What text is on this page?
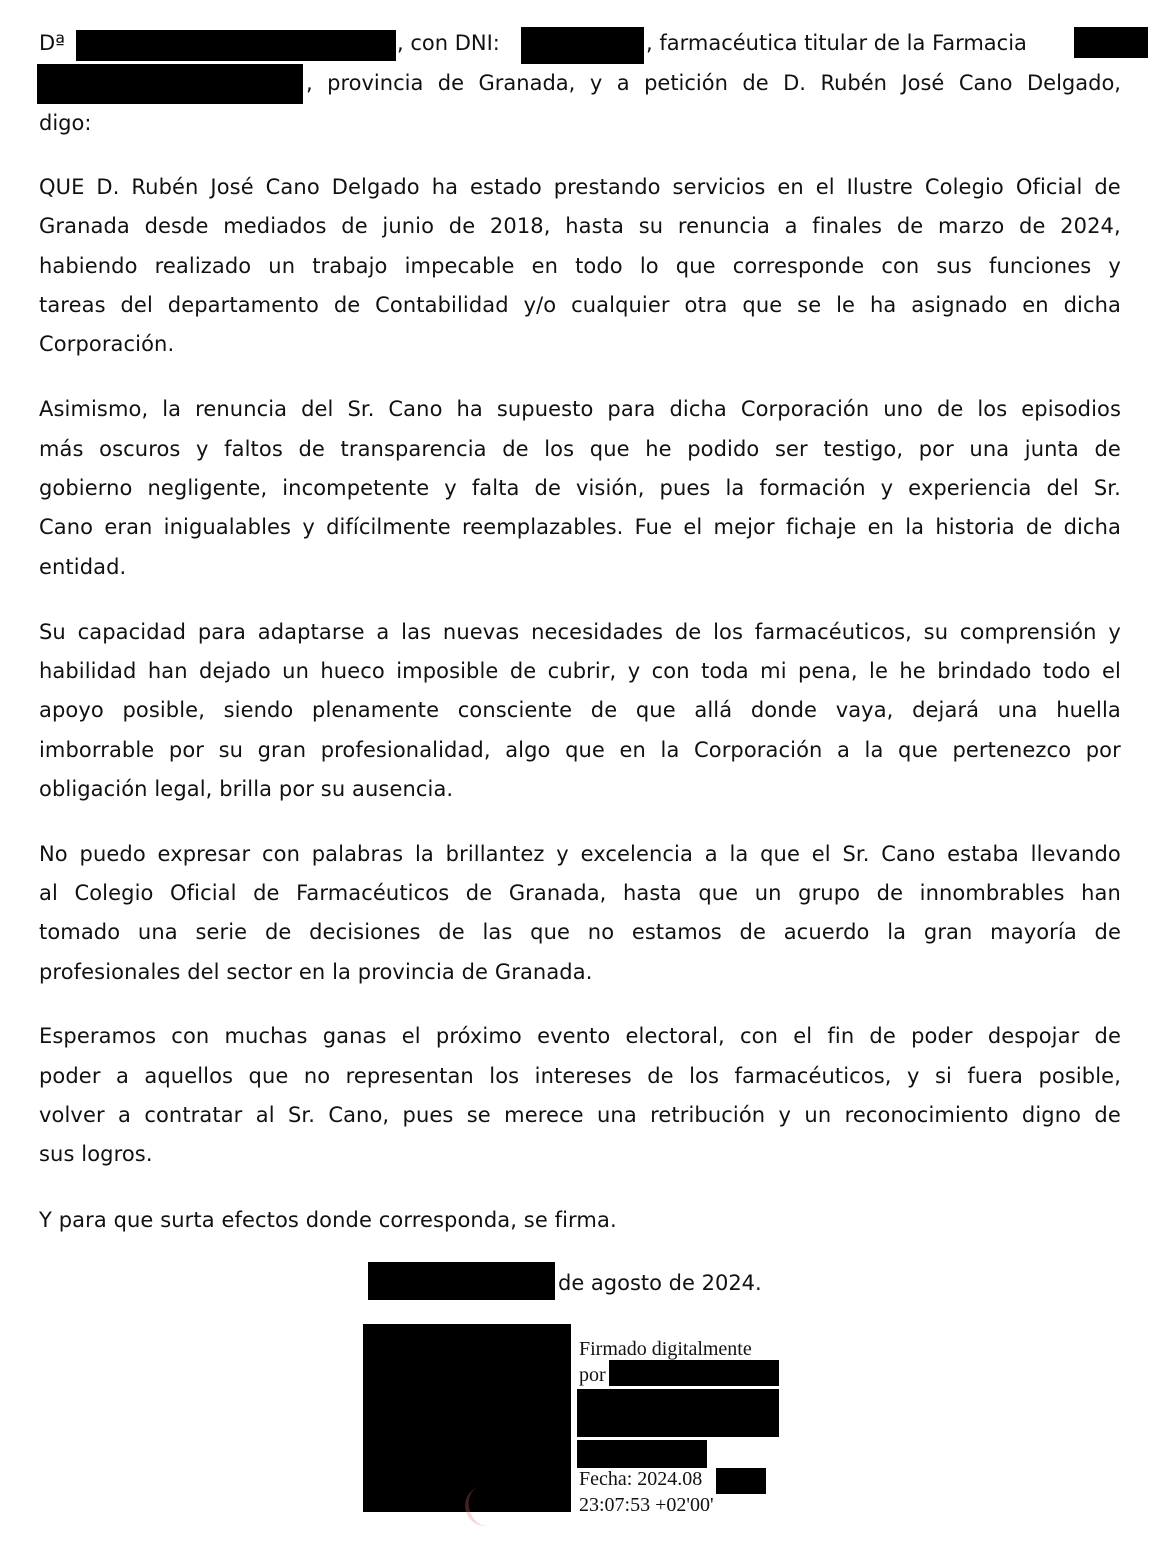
Dª	, con DNI:	, farmacéutica titular de la Farmacia
, provincia de Granada, y a petición de D. Rubén José Cano Delgado,
digo:
QUE D. Rubén José Cano Delgado ha estado prestando servicios en el Ilustre Colegio Oficial de
Granada desde mediados de junio de 2018, hasta su renuncia a finales de marzo de 2024,
habiendo realizado un trabajo impecable en todo lo que corresponde con sus funciones y
tareas del departamento de Contabilidad y/o cualquier otra que se le ha asignado en dicha
Corporación.
Asimismo, la renuncia del Sr. Cano ha supuesto para dicha Corporación uno de los episodios
más oscuros y faltos de transparencia de los que he podido ser testigo, por una junta de
gobierno negligente, incompetente y falta de visión, pues la formación y experiencia del Sr.
Cano eran inigualables y difícilmente reemplazables. Fue el mejor fichaje en la historia de dicha
entidad.
Su capacidad para adaptarse a las nuevas necesidades de los farmacéuticos, su comprensión y
habilidad han dejado un hueco imposible de cubrir, y con toda mi pena, le he brindado todo el
apoyo posible, siendo plenamente consciente de que allá donde vaya, dejará una huella
imborrable por su gran profesionalidad, algo que en la Corporación a la que pertenezco por
obligación legal, brilla por su ausencia.
No puedo expresar con palabras la brillantez y excelencia a la que el Sr. Cano estaba llevando
al Colegio Oficial de Farmacéuticos de Granada, hasta que un grupo de innombrables han
tomado una serie de decisiones de las que no estamos de acuerdo la gran mayoría de
profesionales del sector en la provincia de Granada.
Esperamos con muchas ganas el próximo evento electoral, con el fin de poder despojar de
poder a aquellos que no representan los intereses de los farmacéuticos, y si fuera posible,
volver a contratar al Sr. Cano, pues se merece una retribución y un reconocimiento digno de
sus logros.
Y para que surta efectos donde corresponda, se firma.
de agosto de 2024.
Firmado digitalmente
por
Fecha: 2024.08
23:07:53 +02'00'
